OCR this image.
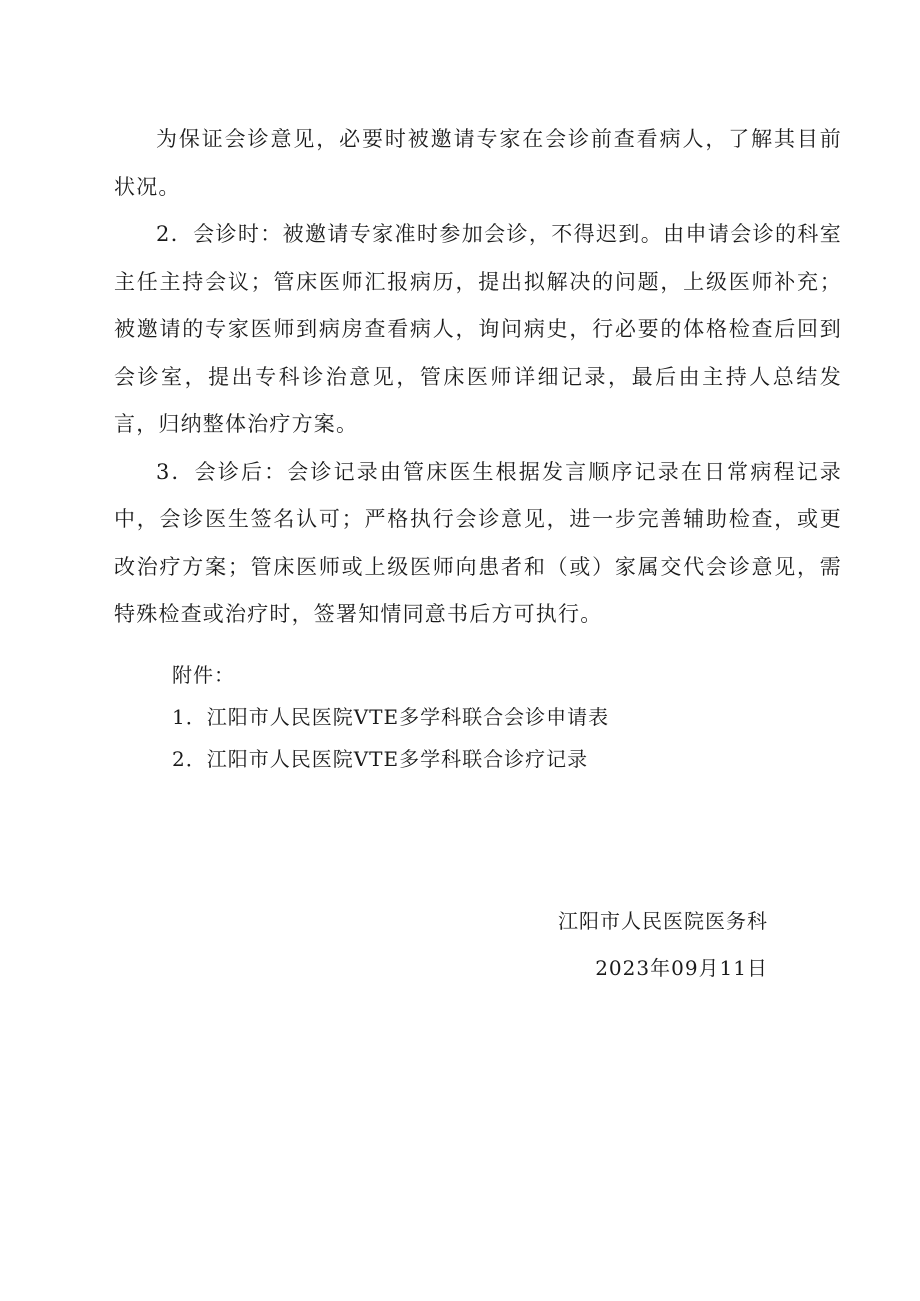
为保证会诊意见，必要时被邀请专家在会诊前查看病人，了解其目前状况。

2．会诊时：被邀请专家准时参加会诊，不得迟到。由申请会诊的科室主任主持会议；管床医师汇报病历，提出拟解决的问题，上级医师补充；被邀请的专家医师到病房查看病人，询问病史，行必要的体格检查后回到会诊室，提出专科诊治意见，管床医师详细记录，最后由主持人总结发言，归纳整体治疗方案。

3．会诊后：会诊记录由管床医生根据发言顺序记录在日常病程记录中，会诊医生签名认可；严格执行会诊意见，进一步完善辅助检查，或更改治疗方案；管床医师或上级医师向患者和（或）家属交代会诊意见，需特殊检查或治疗时，签署知情同意书后方可执行。

附件：
1．江阳市人民医院VTE多学科联合会诊申请表
2．江阳市人民医院VTE多学科联合诊疗记录
江阳市人民医院医务科
2023年09月11日
